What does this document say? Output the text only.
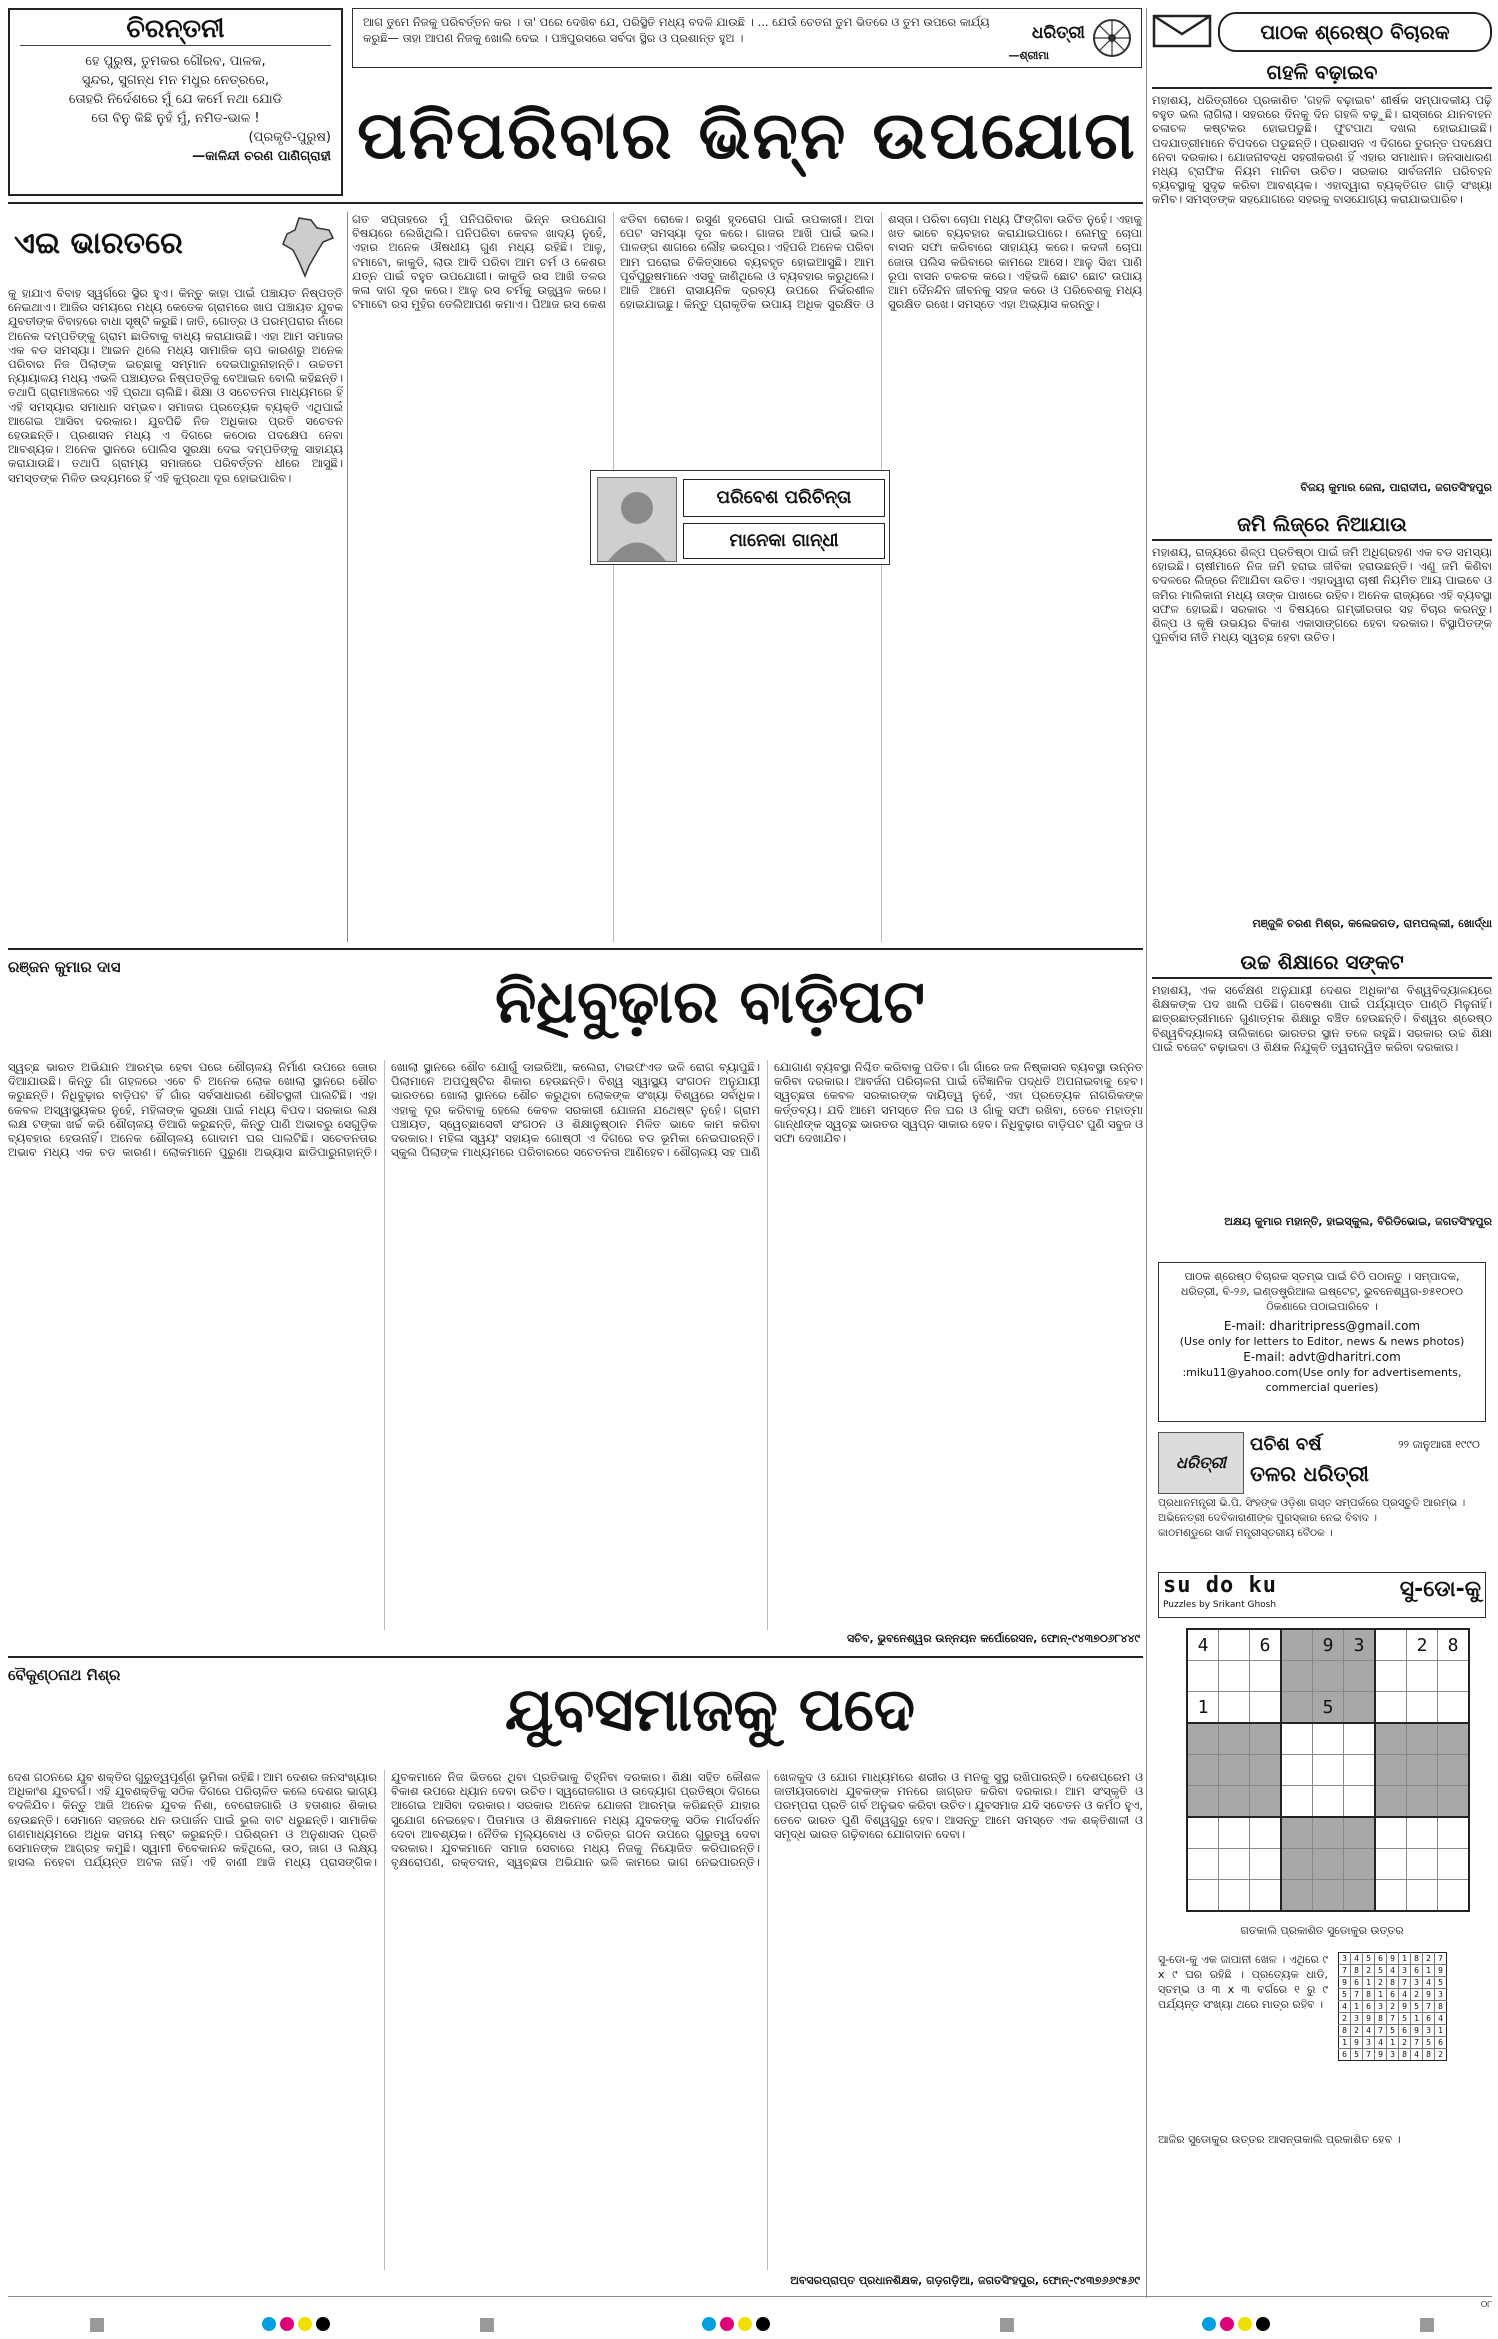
ଚିରନ୍ତନୀ
ହେ ପୁରୁଷ, ତୁମକର ଗୌରବ, ପାଳକ,
ସୁନ୍ଦର, ସୁଗନ୍ଧ ମନ ମଧୁର ନେତ୍ରରେ,
ତୋହରି ନିର୍ଦେଶରେ ମୁଁ ଯେ କର୍ମେ ନଥା ଯୋଡି
ତୋ ବିନୁ କିଛି ନୁହଁ ମୁଁ, ନମିତ-ଭାଳ !
(ପ୍ରକୃତି-ପୁରୁଷ)
—କାଳିନ୍ଦୀ ଚରଣ ପାଣିଗ୍ରାହୀ
ଆଗ ତୁମେ ନିଜକୁ ପରିବର୍ତ୍ତନ କର । ତା' ପରେ ଦେଖିବ ଯେ, ପରିସ୍ଥିତି ମଧ୍ୟ ବଦଳି ଯାଉଛି । ... ଯେଉଁ ଚେତନା ତୁମ ଭିତରେ ଓ ତୁମ ଉପରେ କାର୍ଯ୍ୟ କରୁଛି— ତାହା ଆପଣ ନିଜକୁ ଖୋଲି ଦେଇ । ପଞ୍ଚପୁରସରେ ସର୍ବଦା ସ୍ଥିର ଓ ପ୍ରଶାନ୍ତ ହୁଅ ।
—ଶ୍ରୀମା
ଧରିତ୍ରୀ	ପାଠକ ଶ୍ରେଷ୍ଠ ବିଚାରକ
ପନିପରିବାର ଭିନ୍ନ ଉପଯୋଗ
ଏଇ ଭାରତରେ
କୁ ହାଯାଏ ବିବାହ ସ୍ୱର୍ଗରେ ସ୍ଥିର ହୁଏ। କିନ୍ତୁ କାହା ପାଇଁ ପଞ୍ଚାୟତ ନିଷ୍ପତ୍ତି ନେଇଥାଏ। ଆଜିର ସମୟରେ ମଧ୍ୟ କେତେକ ଗ୍ରାମରେ ଖାପ ପଞ୍ଚାୟତ ଯୁବକ ଯୁବତୀଙ୍କ ବିବାହରେ ବାଧା ସୃଷ୍ଟି କରୁଛି। ଜାତି, ଗୋତ୍ର ଓ ପରମ୍ପରାର ନାଁରେ ଅନେକ ଦମ୍ପତିଙ୍କୁ ଗ୍ରାମ ଛାଡିବାକୁ ବାଧ୍ୟ କରାଯାଉଛି। ଏହା ଆମ ସମାଜର ଏକ ବଡ ସମସ୍ୟା। ଆଇନ ଥିଲେ ମଧ୍ୟ ସାମାଜିକ ଚାପ କାରଣରୁ ଅନେକ ପରିବାର ନିଜ ପିଲାଙ୍କ ଇଚ୍ଛାକୁ ସମ୍ମାନ ଦେଇପାରୁନାହାନ୍ତି। ଉଚ୍ଚତମ ନ୍ୟାୟାଳୟ ମଧ୍ୟ ଏଭଳି ପଞ୍ଚାୟତର ନିଷ୍ପତ୍ତିକୁ ବେଆଇନ ବୋଲି କହିଛନ୍ତି। ତଥାପି ଗ୍ରାମାଞ୍ଚଳରେ ଏହି ପ୍ରଥା ଚାଲିଛି। ଶିକ୍ଷା ଓ ସଚେତନତା ମାଧ୍ୟମରେ ହିଁ ଏହି ସମସ୍ୟାର ସମାଧାନ ସମ୍ଭବ। ସମାଜର ପ୍ରତ୍ୟେକ ବ୍ୟକ୍ତି ଏଥିପାଇଁ ଆଗେଇ ଆସିବା ଦରକାର। ଯୁବପିଢି ନିଜ ଅଧିକାର ପ୍ରତି ସଚେତନ ହେଉଛନ୍ତି। ପ୍ରଶାସନ ମଧ୍ୟ ଏ ଦିଗରେ କଠୋର ପଦକ୍ଷେପ ନେବା ଆବଶ୍ୟକ। ଅନେକ ସ୍ଥାନରେ ପୋଲିସ ସୁରକ୍ଷା ଦେଇ ଦମ୍ପତିଙ୍କୁ ସାହାଯ୍ୟ କରାଯାଉଛି। ତଥାପି ଗ୍ରାମ୍ୟ ସମାଜରେ ପରିବର୍ତ୍ତନ ଧୀରେ ଆସୁଛି। ସମସ୍ତଙ୍କ ମିଳିତ ଉଦ୍ୟମରେ ହିଁ ଏହି କୁପ୍ରଥା ଦୂର ହୋଇପାରିବ।
ଗତ ସପ୍ତାହରେ ମୁଁ ପନିପରିବାର ଭିନ୍ନ ଉପଯୋଗ ବିଷୟରେ ଲେଖିଥିଲି। ପନିପରିବା କେବଳ ଖାଦ୍ୟ ନୁହେଁ, ଏହାର ଅନେକ ଔଷଧୀୟ ଗୁଣ ମଧ୍ୟ ରହିଛି। ଆଳୁ, ଟମାଟୋ, କାକୁଡି, ଲାଉ ଆଦି ପରିବା ଆମ ଚର୍ମ ଓ କେଶର ଯତ୍ନ ପାଇଁ ବହୁତ ଉପଯୋଗୀ। କାକୁଡି ରସ ଆଖି ତଳର କଳା ଦାଗ ଦୂର କରେ। ଆଳୁ ରସ ଚର୍ମକୁ ଉଜ୍ଜ୍ୱଳ କରେ। ଟମାଟୋ ରସ ମୁହଁର ତେଲିଆପଣ କମାଏ। ପିଆଜ ରସ କେଶ ଝଡିବା ରୋକେ। ରସୁଣ ହୃଦରୋଗ ପାଇଁ ଉପକାରୀ। ଅଦା ପେଟ ସମସ୍ୟା ଦୂର କରେ। ଗାଜର ଆଖି ପାଇଁ ଭଲ। ପାଳଙ୍ଗ ଶାଗରେ ଲୌହ ଭରପୂର। ଏହିପରି ଅନେକ ପରିବା ଆମ ଘରୋଇ ଚିକିତ୍ସାରେ ବ୍ୟବହୃତ ହୋଇଆସୁଛି। ଆମ ପୂର୍ବପୁରୁଷମାନେ ଏସବୁ ଜାଣିଥିଲେ ଓ ବ୍ୟବହାର କରୁଥିଲେ। ଆଜି ଆମେ ରାସାୟନିକ ଦ୍ରବ୍ୟ ଉପରେ ନିର୍ଭରଶୀଳ ହୋଇଯାଇଛୁ। କିନ୍ତୁ ପ୍ରାକୃତିକ ଉପାୟ ଅଧିକ ସୁରକ୍ଷିତ ଓ ଶସ୍ତା। ପରିବା ଚୋପା ମଧ୍ୟ ଫିଙ୍ଗିବା ଉଚିତ ନୁହେଁ। ଏହାକୁ ଖତ ଭାବେ ବ୍ୟବହାର କରାଯାଇପାରେ। ଲେମ୍ବୁ ଚୋପା ବାସନ ସଫା କରିବାରେ ସାହାଯ୍ୟ କରେ। କଦଳୀ ଚୋପା ଜୋତା ପଲିସ କରିବାରେ କାମରେ ଆସେ। ଆଳୁ ସିଝା ପାଣି ରୂପା ବାସନ ଚକଚକ କରେ। ଏହିଭଳି ଛୋଟ ଛୋଟ ଉପାୟ ଆମ ଦୈନନ୍ଦିନ ଜୀବନକୁ ସହଜ କରେ ଓ ପରିବେଶକୁ ମଧ୍ୟ ସୁରକ୍ଷିତ ରଖେ। ସମସ୍ତେ ଏହା ଅଭ୍ୟାସ କରନ୍ତୁ।
ପରିବେଶ ପରିଚିନ୍ତା
ମାନେକା ଗାନ୍ଧୀ
ଗହଳି ବଢ଼ାଇବ
ମହାଶୟ, ଧରିତ୍ରୀରେ ପ୍ରକାଶିତ 'ଗହଳି ବଢ଼ାଇବ' ଶୀର୍ଷକ ସମ୍ପାଦକୀୟ ପଢ଼ି ବହୁତ ଭଲ ଲାଗିଲା। ସହରରେ ଦିନକୁ ଦିନ ଗହଳି ବଢ଼ୁଛି। ରାସ୍ତାରେ ଯାନବାହନ ଚଳାଚଳ କଷ୍ଟକର ହୋଇପଡୁଛି। ଫୁଟପାଥ ଦଖଲ ହୋଇଯାଇଛି। ପଦଯାତ୍ରୀମାନେ ବିପଦରେ ପଡୁଛନ୍ତି। ପ୍ରଶାସନ ଏ ଦିଗରେ ତୁରନ୍ତ ପଦକ୍ଷେପ ନେବା ଦରକାର। ଯୋଜନାବଦ୍ଧ ସହରୀକରଣ ହିଁ ଏହାର ସମାଧାନ। ଜନସାଧାରଣ ମଧ୍ୟ ଟ୍ରାଫିକ ନିୟମ ମାନିବା ଉଚିତ। ସରକାର ସାର୍ବଜନୀନ ପରିବହନ ବ୍ୟବସ୍ଥାକୁ ସୁଦୃଢ କରିବା ଆବଶ୍ୟକ। ଏହାଦ୍ୱାରା ବ୍ୟକ୍ତିଗତ ଗାଡ଼ି ସଂଖ୍ୟା କମିବ। ସମସ୍ତଙ୍କ ସହଯୋଗରେ ସହରକୁ ବାସଯୋଗ୍ୟ କରାଯାଇପାରିବ।
ବିଜୟ କୁମାର ଜେନା, ପାରାଦୀପ, ଜଗତସିଂହପୁର
ଜମି ଲିଜ୍‌ରେ ନିଆଯାଉ
ମହାଶୟ, ରାଜ୍ୟରେ ଶିଳ୍ପ ପ୍ରତିଷ୍ଠା ପାଇଁ ଜମି ଅଧିଗ୍ରହଣ ଏକ ବଡ ସମସ୍ୟା ହୋଇଛି। ଚାଷୀମାନେ ନିଜ ଜମି ହରାଇ ଜୀବିକା ହରାଉଛନ୍ତି। ଏଣୁ ଜମି କିଣିବା ବଦଳରେ ଲିଜ୍‌ରେ ନିଆଯିବା ଉଚିତ। ଏହାଦ୍ୱାରା ଚାଷୀ ନିୟମିତ ଆୟ ପାଇବେ ଓ ଜମିର ମାଲିକାନା ମଧ୍ୟ ତାଙ୍କ ପାଖରେ ରହିବ। ଅନେକ ରାଜ୍ୟରେ ଏହି ବ୍ୟବସ୍ଥା ସଫଳ ହୋଇଛି। ସରକାର ଏ ବିଷୟରେ ଗମ୍ଭୀରତାର ସହ ବିଚାର କରନ୍ତୁ। ଶିଳ୍ପ ଓ କୃଷି ଉଭୟର ବିକାଶ ଏକାସାଙ୍ଗରେ ହେବା ଦରକାର। ବିସ୍ଥାପିତଙ୍କ ପୁନର୍ବାସ ନୀତି ମଧ୍ୟ ସ୍ୱଚ୍ଛ ହେବା ଉଚିତ।
ମଞ୍ଜୁଳି ଚରଣ ମିଶ୍ର, କଲେଜଗଡ, ରାମପଲ୍ଲୀ, ଖୋର୍ଦ୍ଧା
ଉଚ୍ଚ ଶିକ୍ଷାରେ ସଙ୍କଟ
ମହାଶୟ, ଏକ ସର୍ବେକ୍ଷଣ ଅନୁଯାୟୀ ଦେଶର ଅଧିକାଂଶ ବିଶ୍ୱବିଦ୍ୟାଳୟରେ ଶିକ୍ଷକଙ୍କ ପଦ ଖାଲି ପଡିଛି। ଗବେଷଣା ପାଇଁ ପର୍ଯ୍ୟାପ୍ତ ପାଣ୍ଠି ମିଳୁନାହିଁ। ଛାତ୍ରଛାତ୍ରୀମାନେ ଗୁଣାତ୍ମକ ଶିକ୍ଷାରୁ ବଞ୍ଚିତ ହେଉଛନ୍ତି। ବିଶ୍ୱର ଶ୍ରେଷ୍ଠ ବିଶ୍ୱବିଦ୍ୟାଳୟ ତାଲିକାରେ ଭାରତର ସ୍ଥାନ ତଳେ ରହୁଛି। ସରକାର ଉଚ୍ଚ ଶିକ୍ଷା ପାଇଁ ବଜେଟ ବଢ଼ାଇବା ଓ ଶିକ୍ଷକ ନିଯୁକ୍ତି ତ୍ୱରାନ୍ୱିତ କରିବା ଦରକାର।
ଅକ୍ଷୟ କୁମାର ମହାନ୍ତି, ହାଇସ୍କୁଲ, ବିରିଡିଭୋଇ, ଜଗତସିଂହପୁର
ପାଠକ ଶ୍ରେଷ୍ଠ ବିଚାରକ ସ୍ତମ୍ଭ ପାଇଁ ଚିଠି ପଠାନ୍ତୁ । ସମ୍ପାଦକ, ଧରିତ୍ରୀ, ବି-୨୬, ଇଣ୍ଡଷ୍ଟ୍ରିଆଲ ଇଷ୍ଟେଟ୍, ଭୁବନେଶ୍ୱର-୭୫୧୦୧୦ ଠିକଣାରେ ପଠାଇପାରିବେ ।
E-mail: dharitripress@gmail.com
(Use only for letters to Editor, news & news photos)
E-mail: advt@dharitri.com
:miku11@yahoo.com(Use only for advertisements, commercial queries)
ଧରିତ୍ରୀ
ପଚିଶ ବର୍ଷ
ତଳର ଧରିତ୍ରୀ
୨୨ ଜାନୁଆରୀ ୧୯୯୦
ପ୍ରଧାନମନ୍ତ୍ରୀ ଭି.ପି. ସିଂହଙ୍କ ଓଡ଼ିଶା ଗସ୍ତ ସମ୍ପର୍କରେ ପ୍ରସ୍ତୁତି ଆରମ୍ଭ ।
ଅଭିନେତ୍ରୀ ଦେବିକାରାଣୀଙ୍କ ପୁରସ୍କାର ନେଇ ବିବାଦ ।
କାଠମଣ୍ଡୁରେ ସାର୍କ ମନ୍ତ୍ରୀସ୍ତରୀୟ ବୈଠକ ।
su do ku
Puzzles by Srikant Ghosh
ସୁ-ଡୋ-କୁ
4		6		9	3		2	8

1				5				

ଗତକାଲି ପ୍ରକାଶିତ ସୁଡୋକୁର ଉତ୍ତର
ସୁ-ଡୋ-କୁ ଏକ ଜାପାନୀ ଖେଳ । ଏଥିରେ ୯ x ୯ ଘର ରହିଛି । ପ୍ରତ୍ୟେକ ଧାଡି, ସ୍ତମ୍ଭ ଓ ୩ x ୩ ବର୍ଗରେ ୧ ରୁ ୯ ପର୍ଯ୍ୟନ୍ତ ସଂଖ୍ୟା ଥରେ ମାତ୍ର ରହିବ ।
3	4	5	6	9	1	8	2	7
7	8	2	5	4	3	6	1	9
9	6	1	2	8	7	3	4	5
5	7	8	1	6	4	2	9	3
4	1	6	3	2	9	5	7	8
2	3	9	8	7	5	1	6	4
8	2	4	7	5	6	9	3	1
1	9	3	4	1	2	7	5	6
6	5	7	9	3	8	4	8	2
ଆଜିର ସୁଡୋକୁର ଉତ୍ତର ଆସନ୍ତାକାଲି ପ୍ରକାଶିତ ହେବ ।
ରଞ୍ଜନ କୁମାର ଦାସ	ନିଧିବୁଢ଼ାର ବାଡ଼ିପଟ
ସ୍ୱଚ୍ଛ ଭାରତ ଅଭିଯାନ ଆରମ୍ଭ ହେବା ପରେ ଶୌଚାଳୟ ନିର୍ମାଣ ଉପରେ ଜୋର ଦିଆଯାଉଛି। କିନ୍ତୁ ଗାଁ ଗହଳରେ ଏବେ ବି ଅନେକ ଲୋକ ଖୋଲା ସ୍ଥାନରେ ଶୌଚ କରୁଛନ୍ତି। ନିଧିବୁଢ଼ାର ବାଡ଼ିପଟ ହିଁ ଗାଁର ସର୍ବସାଧାରଣ ଶୌଚସ୍ଥଳୀ ପାଲଟିଛି। ଏହା କେବଳ ଅସ୍ୱାସ୍ଥ୍ୟକର ନୁହେଁ, ମହିଳାଙ୍କ ସୁରକ୍ଷା ପାଇଁ ମଧ୍ୟ ବିପଦ। ସରକାର ଲକ୍ଷ ଲକ୍ଷ ଟଙ୍କା ଖର୍ଚ୍ଚ କରି ଶୌଚାଳୟ ତିଆରି କରୁଛନ୍ତି, କିନ୍ତୁ ପାଣି ଅଭାବରୁ ସେଗୁଡ଼ିକ ବ୍ୟବହାର ହେଉନାହିଁ। ଅନେକ ଶୌଚାଳୟ ଗୋଦାମ ଘର ପାଲଟିଛି। ସଚେତନତାର ଅଭାବ ମଧ୍ୟ ଏକ ବଡ କାରଣ। ଲୋକମାନେ ପୁରୁଣା ଅଭ୍ୟାସ ଛାଡିପାରୁନାହାନ୍ତି। ଖୋଲା ସ୍ଥାନରେ ଶୌଚ ଯୋଗୁଁ ଡାଇରିଆ, କଲେରା, ଟାଇଫଏଡ ଭଳି ରୋଗ ବ୍ୟାପୁଛି। ପିଲାମାନେ ଅପପୁଷ୍ଟିର ଶିକାର ହେଉଛନ୍ତି। ବିଶ୍ୱ ସ୍ୱାସ୍ଥ୍ୟ ସଂଗଠନ ଅନୁଯାୟୀ ଭାରତରେ ଖୋଲା ସ୍ଥାନରେ ଶୌଚ କରୁଥିବା ଲୋକଙ୍କ ସଂଖ୍ୟା ବିଶ୍ୱରେ ସର୍ବାଧିକ। ଏହାକୁ ଦୂର କରିବାକୁ ହେଲେ କେବଳ ସରକାରୀ ଯୋଜନା ଯଥେଷ୍ଟ ନୁହେଁ। ଗ୍ରାମ ପଞ୍ଚାୟତ, ସ୍ୱେଚ୍ଛାସେବୀ ସଂଗଠନ ଓ ଶିକ୍ଷାନୁଷ୍ଠାନ ମିଳିତ ଭାବେ କାମ କରିବା ଦରକାର। ମହିଳା ସ୍ୱୟଂ ସହାୟକ ଗୋଷ୍ଠୀ ଏ ଦିଗରେ ବଡ ଭୂମିକା ନେଇପାରନ୍ତି। ସ୍କୁଲ ପିଲାଙ୍କ ମାଧ୍ୟମରେ ପରିବାରରେ ସଚେତନତା ଆଣିହେବ। ଶୌଚାଳୟ ସହ ପାଣି ଯୋଗାଣ ବ୍ୟବସ୍ଥା ନିଶ୍ଚିତ କରିବାକୁ ପଡିବ। ଗାଁ ଗାଁରେ ଜଳ ନିଷ୍କାସନ ବ୍ୟବସ୍ଥା ଉନ୍ନତ କରିବା ଦରକାର। ଆବର୍ଜନା ପରିଚାଳନା ପାଇଁ ବୈଜ୍ଞାନିକ ପଦ୍ଧତି ଅପନାଇବାକୁ ହେବ। ସ୍ୱଚ୍ଛତା କେବଳ ସରକାରଙ୍କ ଦାୟିତ୍ୱ ନୁହେଁ, ଏହା ପ୍ରତ୍ୟେକ ନାଗରିକଙ୍କ କର୍ତ୍ତବ୍ୟ। ଯଦି ଆମେ ସମସ୍ତେ ନିଜ ଘର ଓ ଗାଁକୁ ସଫା ରଖିବା, ତେବେ ମହାତ୍ମା ଗାନ୍ଧୀଙ୍କ ସ୍ୱଚ୍ଛ ଭାରତର ସ୍ୱପ୍ନ ସାକାର ହେବ। ନିଧିବୁଢ଼ାର ବାଡ଼ିପଟ ପୁଣି ସବୁଜ ଓ ସଫା ଦେଖାଯିବ।
ସଚିବ, ଭୁବନେଶ୍ୱର ଉନ୍ନୟନ କର୍ପୋରେସନ, ଫୋନ୍-୯୪୩୭୦୬୮୪୪୯
ବୈକୁଣ୍ଠନାଥ ମିଶ୍ର	ଯୁବସମାଜକୁ ପଦେ
ଦେଶ ଗଠନରେ ଯୁବ ଶକ୍ତିର ଗୁରୁତ୍ୱପୂର୍ଣ୍ଣ ଭୂମିକା ରହିଛି। ଆମ ଦେଶର ଜନସଂଖ୍ୟାର ଅଧିକାଂଶ ଯୁବବର୍ଗ। ଏହି ଯୁବଶକ୍ତିକୁ ସଠିକ ଦିଗରେ ପରିଚାଳିତ କଲେ ଦେଶର ଭାଗ୍ୟ ବଦଳିଯିବ। କିନ୍ତୁ ଆଜି ଅନେକ ଯୁବକ ନିଶା, ବେରୋଜଗାରି ଓ ହତାଶାର ଶିକାର ହେଉଛନ୍ତି। ସେମାନେ ସହଜରେ ଧନ ଉପାର୍ଜନ ପାଇଁ ଭୁଲ ବାଟ ଧରୁଛନ୍ତି। ସାମାଜିକ ଗଣମାଧ୍ୟମରେ ଅଧିକ ସମୟ ନଷ୍ଟ କରୁଛନ୍ତି। ପରିଶ୍ରମ ଓ ଅନୁଶାସନ ପ୍ରତି ସେମାନଙ୍କ ଆଗ୍ରହ କମୁଛି। ସ୍ୱାମୀ ବିବେକାନନ୍ଦ କହିଥିଲେ, ଉଠ, ଜାଗ ଓ ଲକ୍ଷ୍ୟ ହାସଲ ନହେବା ପର୍ଯ୍ୟନ୍ତ ଅଟକ ନାହିଁ। ଏହି ବାଣୀ ଆଜି ମଧ୍ୟ ପ୍ରାସଙ୍ଗିକ। ଯୁବକମାନେ ନିଜ ଭିତରେ ଥିବା ପ୍ରତିଭାକୁ ଚିହ୍ନିବା ଦରକାର। ଶିକ୍ଷା ସହିତ କୌଶଳ ବିକାଶ ଉପରେ ଧ୍ୟାନ ଦେବା ଉଚିତ। ସ୍ୱରୋଜଗାର ଓ ଉଦ୍ୟୋଗ ପ୍ରତିଷ୍ଠା ଦିଗରେ ଆଗେଇ ଆସିବା ଦରକାର। ସରକାର ଅନେକ ଯୋଜନା ଆରମ୍ଭ କରିଛନ୍ତି ଯାହାର ସୁଯୋଗ ନେଇହେବ। ପିତାମାତା ଓ ଶିକ୍ଷକମାନେ ମଧ୍ୟ ଯୁବକଙ୍କୁ ସଠିକ ମାର୍ଗଦର୍ଶନ ଦେବା ଆବଶ୍ୟକ। ନୈତିକ ମୂଲ୍ୟବୋଧ ଓ ଚରିତ୍ର ଗଠନ ଉପରେ ଗୁରୁତ୍ୱ ଦେବା ଦରକାର। ଯୁବକମାନେ ସମାଜ ସେବାରେ ମଧ୍ୟ ନିଜକୁ ନିୟୋଜିତ କରିପାରନ୍ତି। ବୃକ୍ଷରୋପଣ, ରକ୍ତଦାନ, ସ୍ୱଚ୍ଛତା ଅଭିଯାନ ଭଳି କାମରେ ଭାଗ ନେଇପାରନ୍ତି। ଖେଳକୁଦ ଓ ଯୋଗ ମାଧ୍ୟମରେ ଶରୀର ଓ ମନକୁ ସୁସ୍ଥ ରଖିପାରନ୍ତି। ଦେଶପ୍ରେମ ଓ ଜାତୀୟତାବୋଧ ଯୁବକଙ୍କ ମନରେ ଜାଗ୍ରତ କରିବା ଦରକାର। ଆମ ସଂସ୍କୃତି ଓ ପରମ୍ପରା ପ୍ରତି ଗର୍ବ ଅନୁଭବ କରିବା ଉଚିତ। ଯୁବସମାଜ ଯଦି ସଚେତନ ଓ କର୍ମଠ ହୁଏ, ତେବେ ଭାରତ ପୁଣି ବିଶ୍ୱଗୁରୁ ହେବ। ଆସନ୍ତୁ ଆମେ ସମସ୍ତେ ଏକ ଶକ୍ତିଶାଳୀ ଓ ସମୃଦ୍ଧ ଭାରତ ଗଢ଼ିବାରେ ଯୋଗଦାନ ଦେବା।
ଅବସରପ୍ରାପ୍ତ ପ୍ରଧାନଶିକ୍ଷକ, ଗଡ଼ଗଡ଼ିଆ, ଜଗତସିଂହପୁର, ଫୋନ୍-୯୪୩୭୬୬୯୫୬୯
୦୮
